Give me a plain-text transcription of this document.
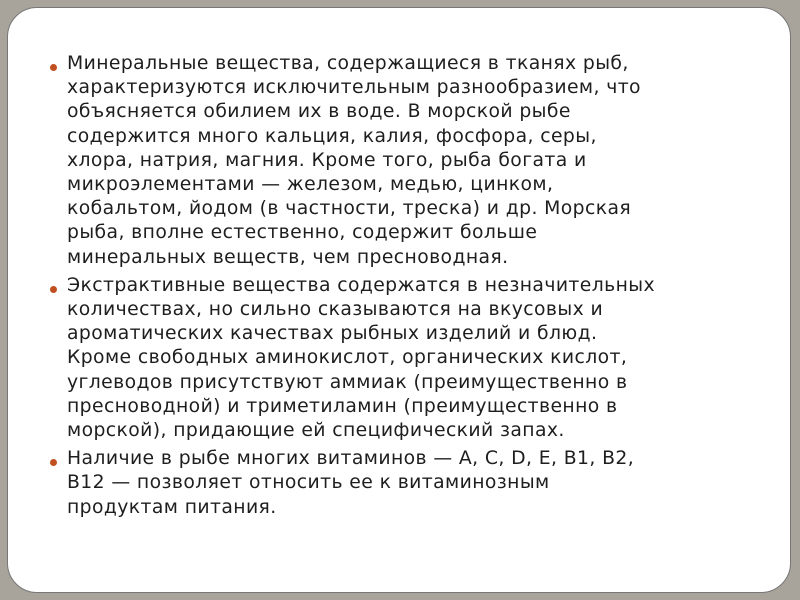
Минеральные вещества, содержащиеся в тканях рыб,
характеризуются исключительным разнообразием, что
объясняется обилием их в воде. В морской рыбе
содержится много кальция, калия, фосфора, серы,
хлора, натрия, магния. Кроме того, рыба богата и
микроэлементами — железом, медью, цинком,
кобальтом, йодом (в частности, треска) и др. Морская
рыба, вполне естественно, содержит больше
минеральных веществ, чем пресноводная.
Экстрактивные вещества содержатся в незначительных
количествах, но сильно сказываются на вкусовых и
ароматических качествах рыбных изделий и блюд.
Кроме свободных аминокислот, органических кислот,
углеводов присутствуют аммиак (преимущественно в
пресноводной) и триметиламин (преимущественно в
морской), придающие ей специфический запах.
Наличие в рыбе многих витаминов — А, С, D, Е, В1, В2,
В12 — позволяет относить ее к витаминозным
продуктам питания.
